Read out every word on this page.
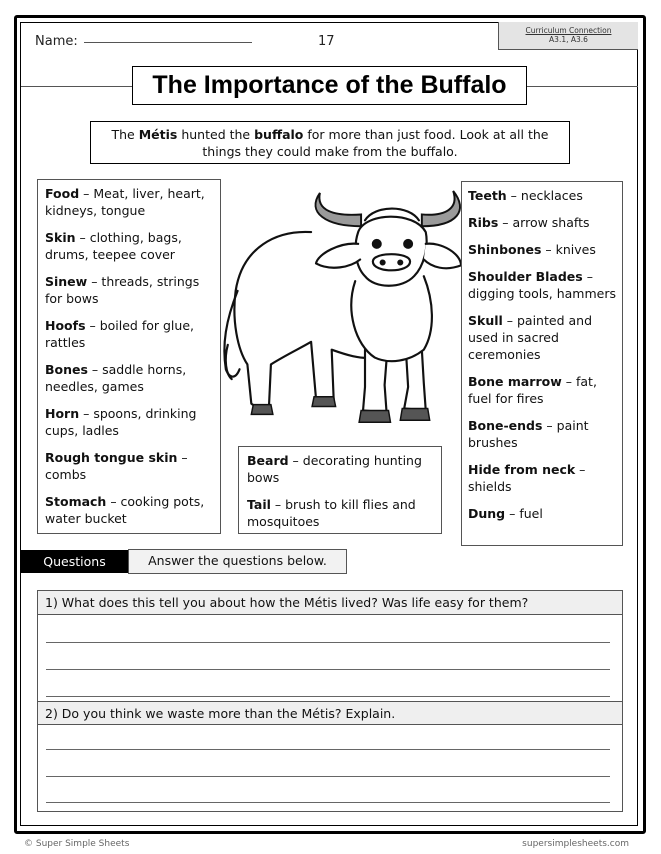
Name:	17
Curriculum Connection
A3.1, A3.6
The Importance of the Buffalo
The Métis hunted the buffalo for more than just food. Look at all the things they could make from the buffalo.
Food – Meat, liver, heart, kidneys, tongue
Skin – clothing, bags, drums, teepee cover
Sinew – threads, strings for bows
Hoofs – boiled for glue, rattles
Bones – saddle horns, needles, games
Horn – spoons, drinking cups, ladles
Rough tongue skin – combs
Stomach – cooking pots, water bucket
Teeth – necklaces
Ribs – arrow shafts
Shinbones – knives
Shoulder Blades – digging tools, hammers
Skull – painted and used in sacred ceremonies
Bone marrow – fat, fuel for fires
Bone-ends – paint brushes
Hide from neck – shields
Dung – fuel
Beard – decorating hunting bows
Tail – brush to kill flies and mosquitoes
Questions	Answer the questions below.
1) What does this tell you about how the Métis lived? Was life easy for them?
2) Do you think we waste more than the Métis? Explain.
© Super Simple Sheets	supersimplesheets.com
